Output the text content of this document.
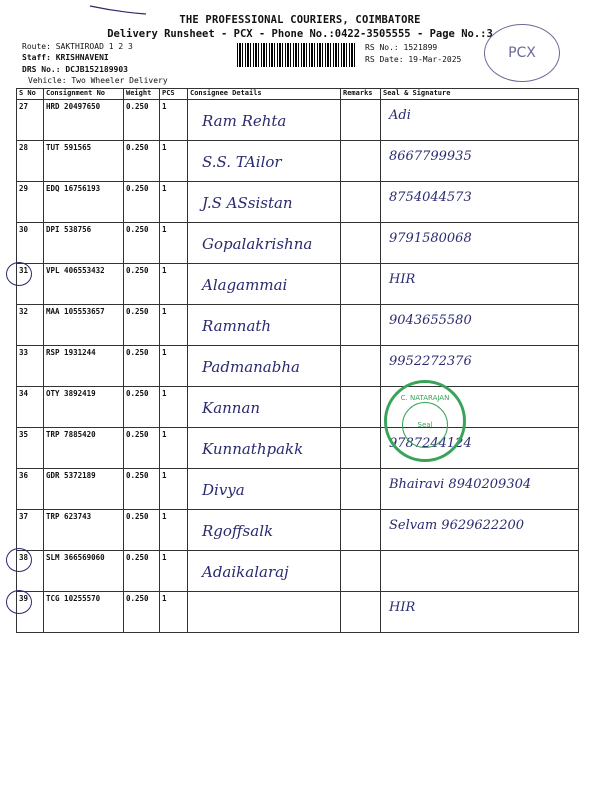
THE PROFESSIONAL COURIERS, COIMBATORE
Delivery Runsheet - PCX - Phone No.:0422-3505555 - Page No.:3
Route: SAKTHIROAD 1 2 3
Staff: KRISHNAVENI
DRS No.: DCJB152189903
Vehicle: Two Wheeler Delivery
RS No.: 1521899
RS Date: 19-Mar-2025	PCX
S No	Consignment No	Weight	PCS	Consignee Details	Remarks	Seal & Signature

27	HRD 20497650	0.250	1	Ram Rehta		Adi

28	TUT 591565	0.250	1	S.S. TAilor		8667799935

29	EDQ 16756193	0.250	1	J.S ASsistan		8754044573

30	DPI 538756	0.250	1	Gopalakrishna		9791580068

31	VPL 406553432	0.250	1	Alagammai		HIR

32	MAA 105553657	0.250	1	Ramnath		9043655580

33	RSP 1931244	0.250	1	Padmanabha		9952272376

34	OTY 3892419	0.250	1	Kannan		

35	TRP 7885420	0.250	1	Kunnathpakk		9787244124

36	GDR 5372189	0.250	1	Divya		Bhairavi 8940209304

37	TRP 623743	0.250	1	Rgoffsalk		Selvam 9629622200

38	SLM 366569060	0.250	1	Adaikalaraj		

39	TCG 10255570	0.250	1			HIR
C. NATARAJAN
Seal
